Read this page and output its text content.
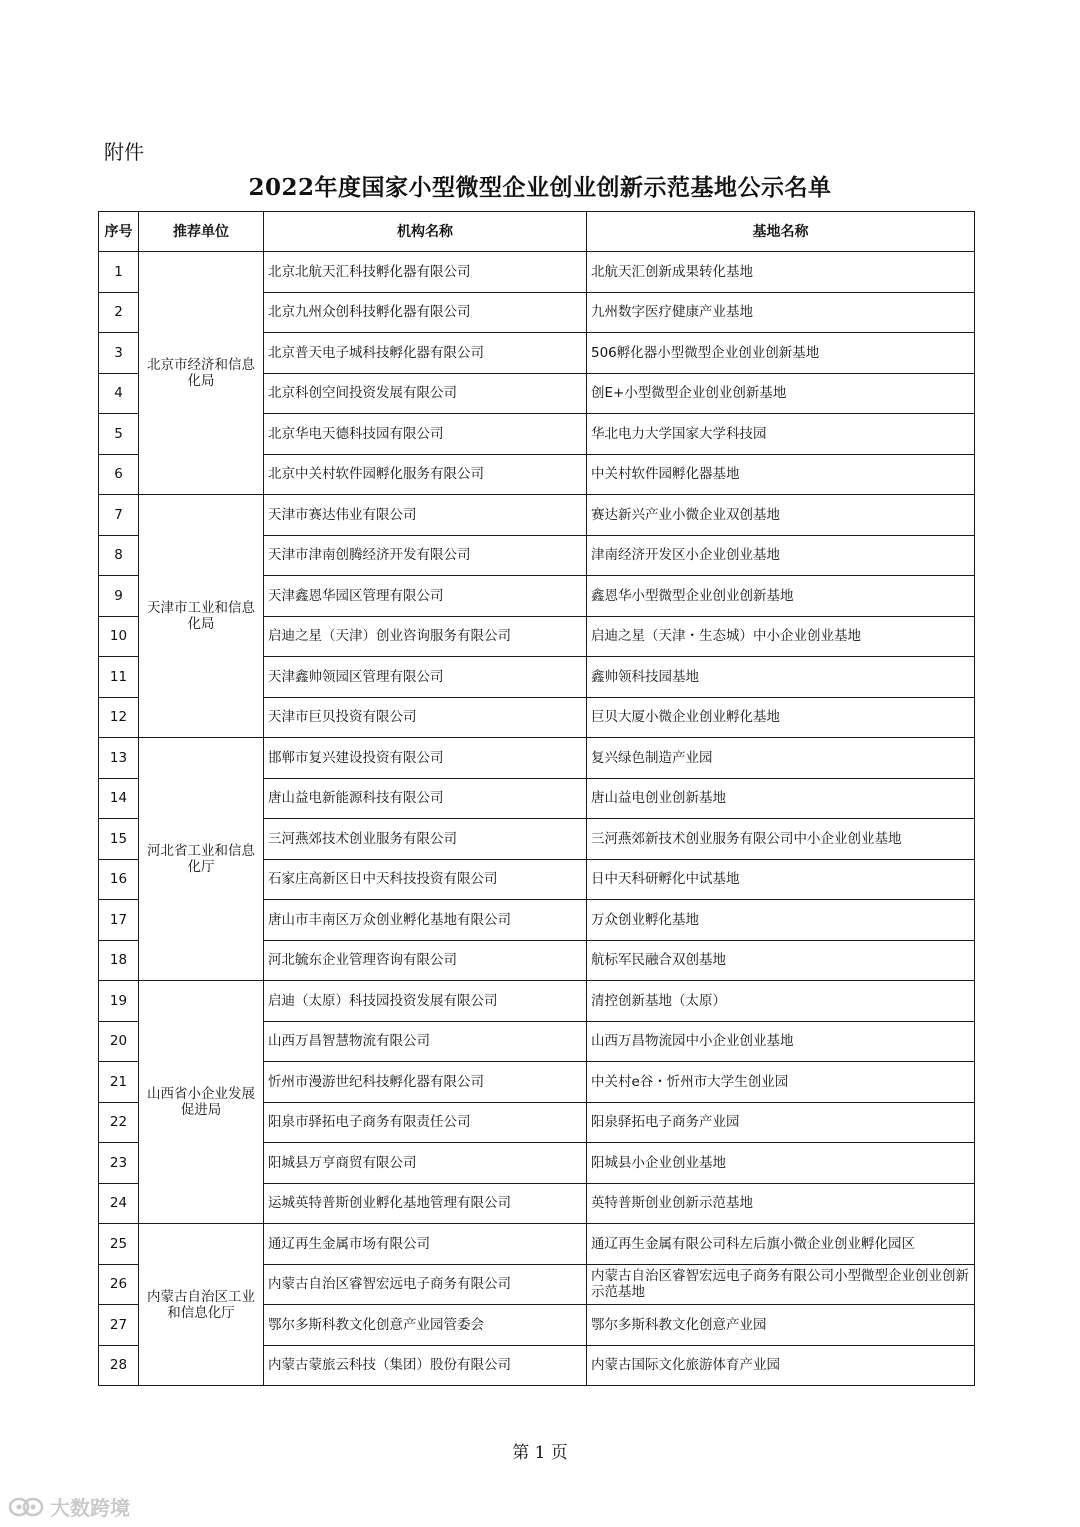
附件
2022年度国家小型微型企业创业创新示范基地公示名单
序号	推荐单位	机构名称	基地名称
1	北京市经济和信息化局	北京北航天汇科技孵化器有限公司	北航天汇创新成果转化基地
2		北京九州众创科技孵化器有限公司	九州数字医疗健康产业基地
3		北京普天电子城科技孵化器有限公司	506孵化器小型微型企业创业创新基地
4		北京科创空间投资发展有限公司	创E+小型微型企业创业创新基地
5		北京华电天德科技园有限公司	华北电力大学国家大学科技园
6		北京中关村软件园孵化服务有限公司	中关村软件园孵化器基地
7	天津市工业和信息化局	天津市赛达伟业有限公司	赛达新兴产业小微企业双创基地
8		天津市津南创腾经济开发有限公司	津南经济开发区小企业创业基地
9		天津鑫恩华园区管理有限公司	鑫恩华小型微型企业创业创新基地
10		启迪之星（天津）创业咨询服务有限公司	启迪之星（天津・生态城）中小企业创业基地
11		天津鑫帅领园区管理有限公司	鑫帅领科技园基地
12		天津市巨贝投资有限公司	巨贝大厦小微企业创业孵化基地
13	河北省工业和信息化厅	邯郸市复兴建设投资有限公司	复兴绿色制造产业园
14		唐山益电新能源科技有限公司	唐山益电创业创新基地
15		三河燕郊技术创业服务有限公司	三河燕郊新技术创业服务有限公司中小企业创业基地
16		石家庄高新区日中天科技投资有限公司	日中天科研孵化中试基地
17		唐山市丰南区万众创业孵化基地有限公司	万众创业孵化基地
18		河北毓东企业管理咨询有限公司	航标军民融合双创基地
19	山西省小企业发展促进局	启迪（太原）科技园投资发展有限公司	清控创新基地（太原）
20		山西万昌智慧物流有限公司	山西万昌物流园中小企业创业基地
21		忻州市漫游世纪科技孵化器有限公司	中关村e谷・忻州市大学生创业园
22		阳泉市驿拓电子商务有限责任公司	阳泉驿拓电子商务产业园
23		阳城县万亨商贸有限公司	阳城县小企业创业基地
24		运城英特普斯创业孵化基地管理有限公司	英特普斯创业创新示范基地
25	内蒙古自治区工业和信息化厅	通辽再生金属市场有限公司	通辽再生金属有限公司科左后旗小微企业创业孵化园区
26		内蒙古自治区睿智宏远电子商务有限公司	内蒙古自治区睿智宏远电子商务有限公司小型微型企业创业创新示范基地
27		鄂尔多斯科教文化创意产业园管委会	鄂尔多斯科教文化创意产业园
28		内蒙古蒙旅云科技（集团）股份有限公司	内蒙古国际文化旅游体育产业园
第 1 页
大数跨境
